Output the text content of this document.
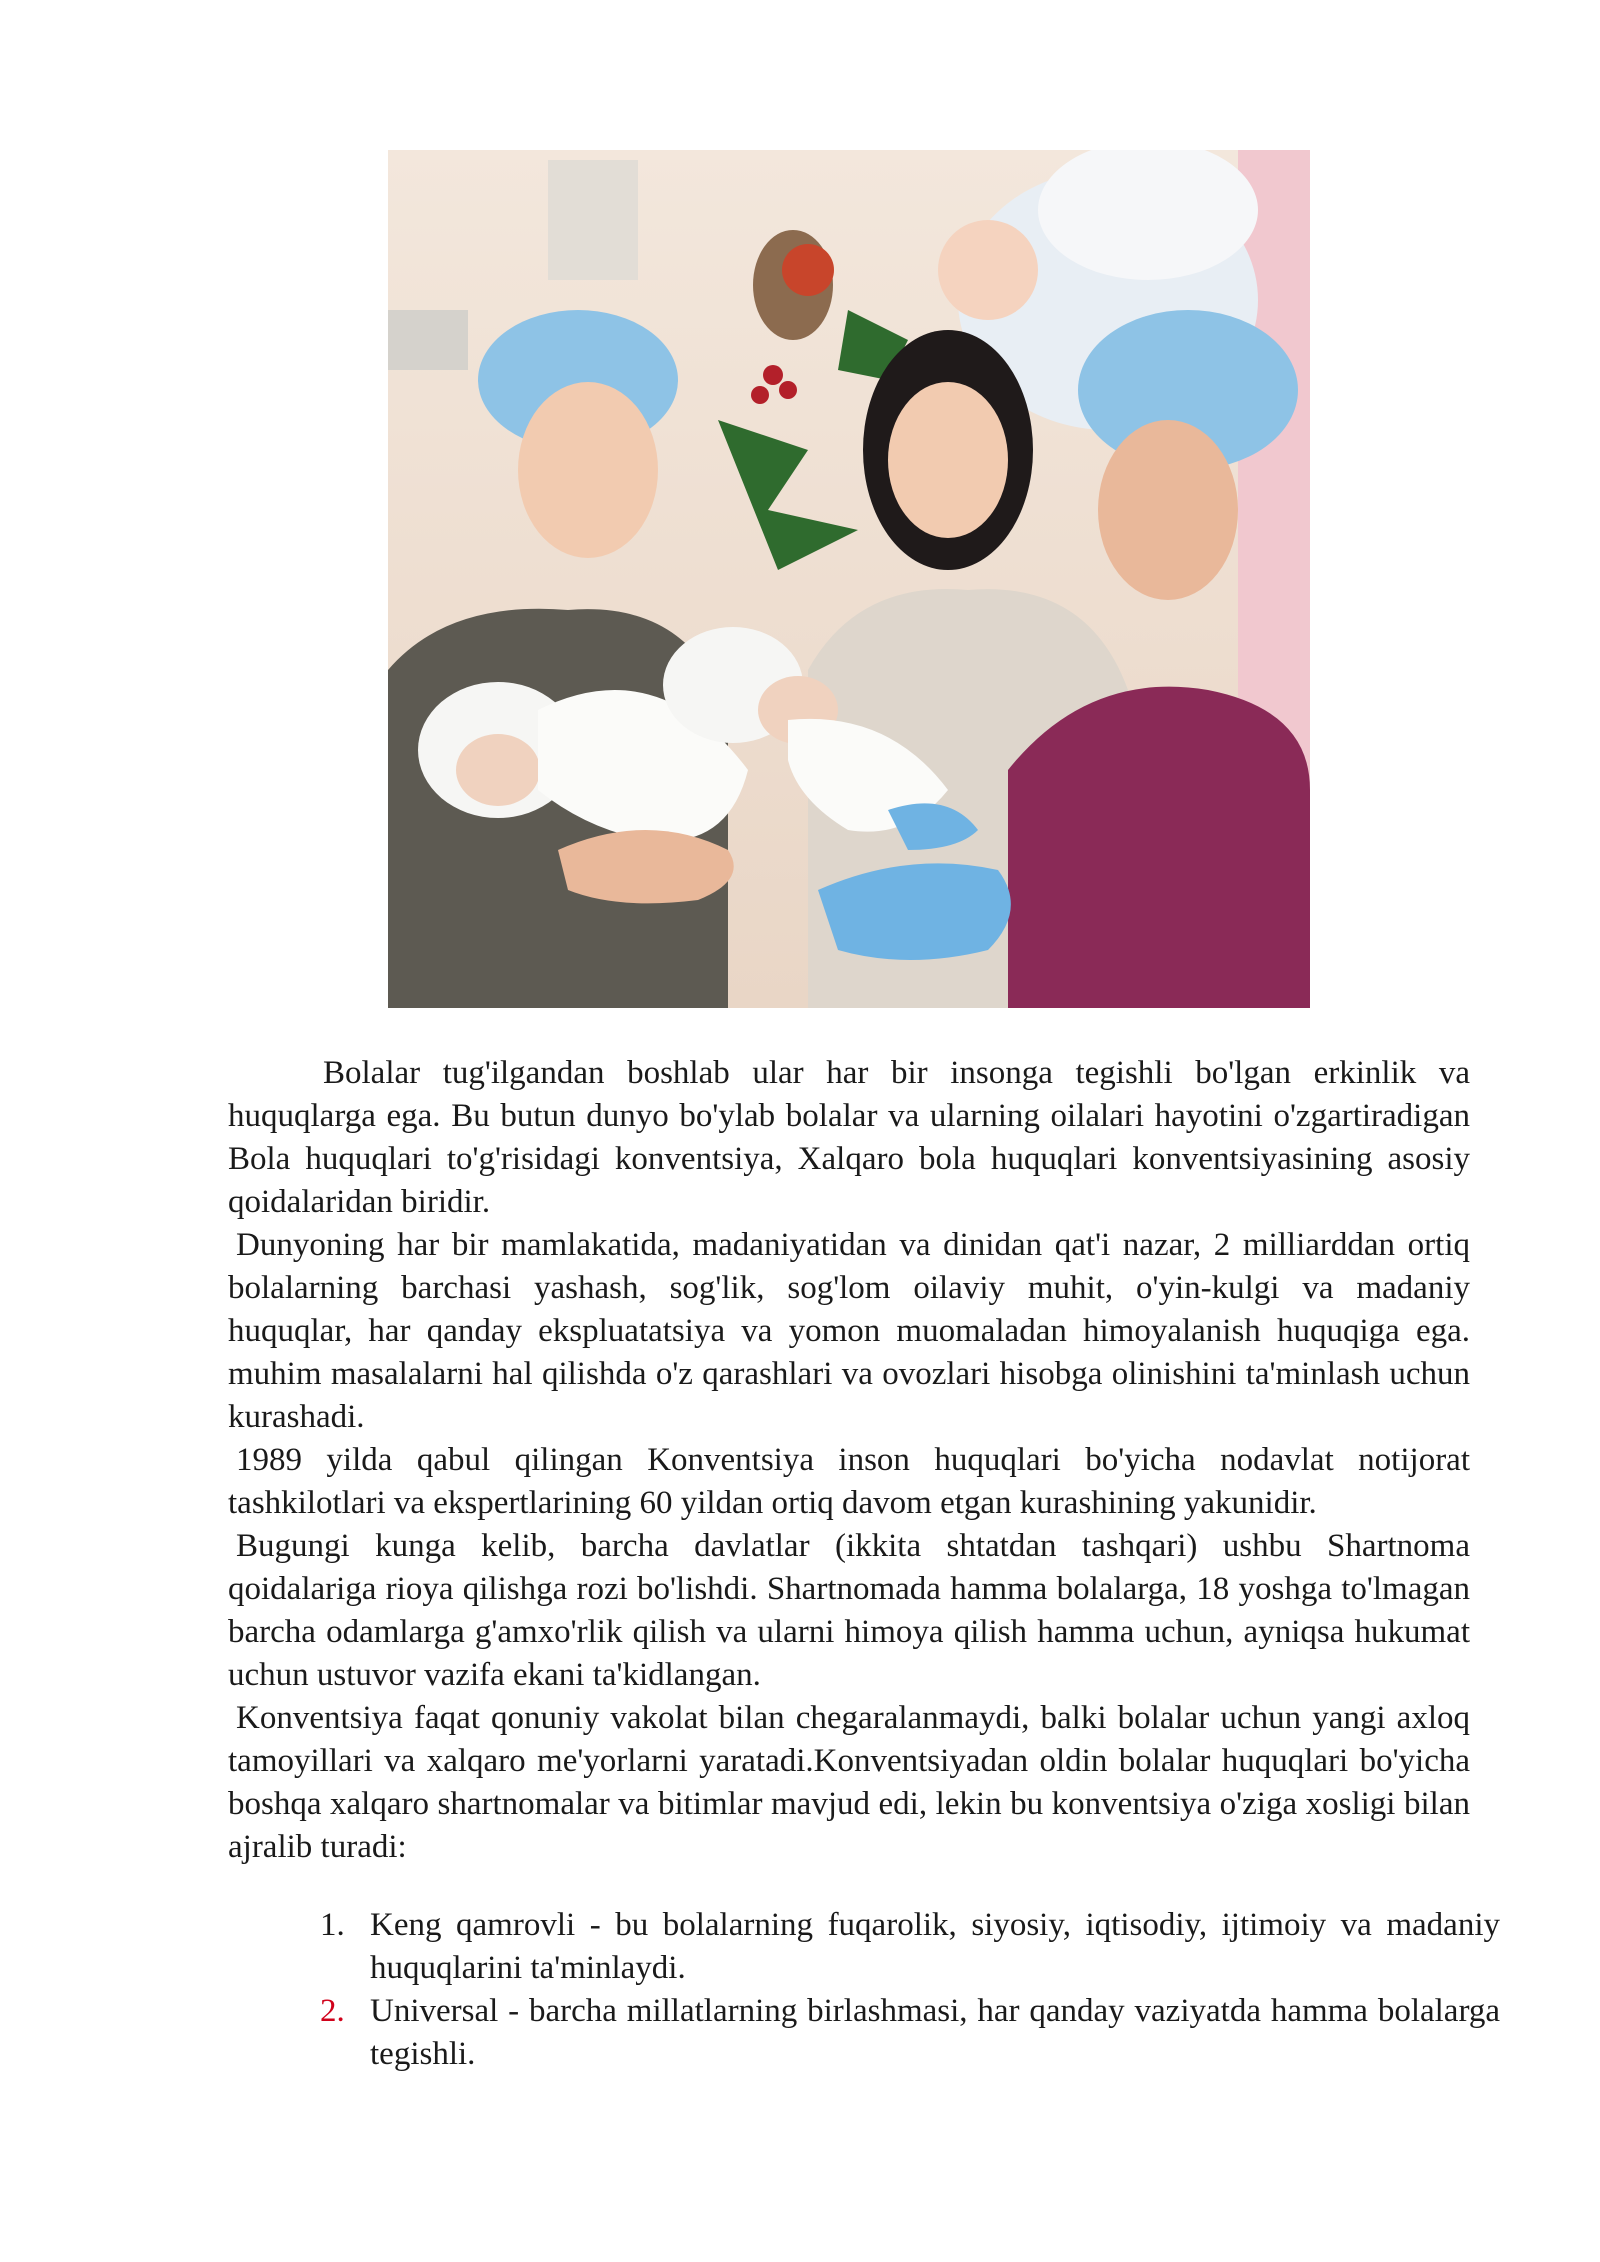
Bolalar tug'ilgandan boshlab ular har bir insonga tegishli bo'lgan erkinlik va huquqlarga ega. Bu butun dunyo bo'ylab bolalar va ularning oilalari hayotini o'zgartiradigan Bola huquqlari to'g'risidagi konventsiya, Xalqaro bola huquqlari konventsiyasining asosiy qoidalaridan biridir.

Dunyoning har bir mamlakatida, madaniyatidan va dinidan qat'i nazar, 2 milliarddan ortiq bolalarning barchasi yashash, sog'lik, sog'lom oilaviy muhit, o'yin-kulgi va madaniy huquqlar, har qanday ekspluatatsiya va yomon muomaladan himoyalanish huquqiga ega. muhim masalalarni hal qilishda o'z qarashlari va ovozlari hisobga olinishini ta'minlash uchun kurashadi.

1989 yilda qabul qilingan Konventsiya inson huquqlari bo'yicha nodavlat notijorat tashkilotlari va ekspertlarining 60 yildan ortiq davom etgan kurashining yakunidir.

Bugungi kunga kelib, barcha davlatlar (ikkita shtatdan tashqari) ushbu Shartnoma qoidalariga rioya qilishga rozi bo'lishdi. Shartnomada hamma bolalarga, 18 yoshga to'lmagan barcha odamlarga g'amxo'rlik qilish va ularni himoya qilish hamma uchun, ayniqsa hukumat uchun ustuvor vazifa ekani ta'kidlangan.

Konventsiya faqat qonuniy vakolat bilan chegaralanmaydi, balki bolalar uchun yangi axloq tamoyillari va xalqaro me'yorlarni yaratadi.Konventsiyadan oldin bolalar huquqlari bo'yicha boshqa xalqaro shartnomalar va bitimlar mavjud edi, lekin bu konventsiya o'ziga xosligi bilan ajralib turadi:

1. Keng qamrovli - bu bolalarning fuqarolik, siyosiy, iqtisodiy, ijtimoiy va madaniy huquqlarini ta'minlaydi.
2. Universal - barcha millatlarning birlashmasi, har qanday vaziyatda hamma bolalarga tegishli.
